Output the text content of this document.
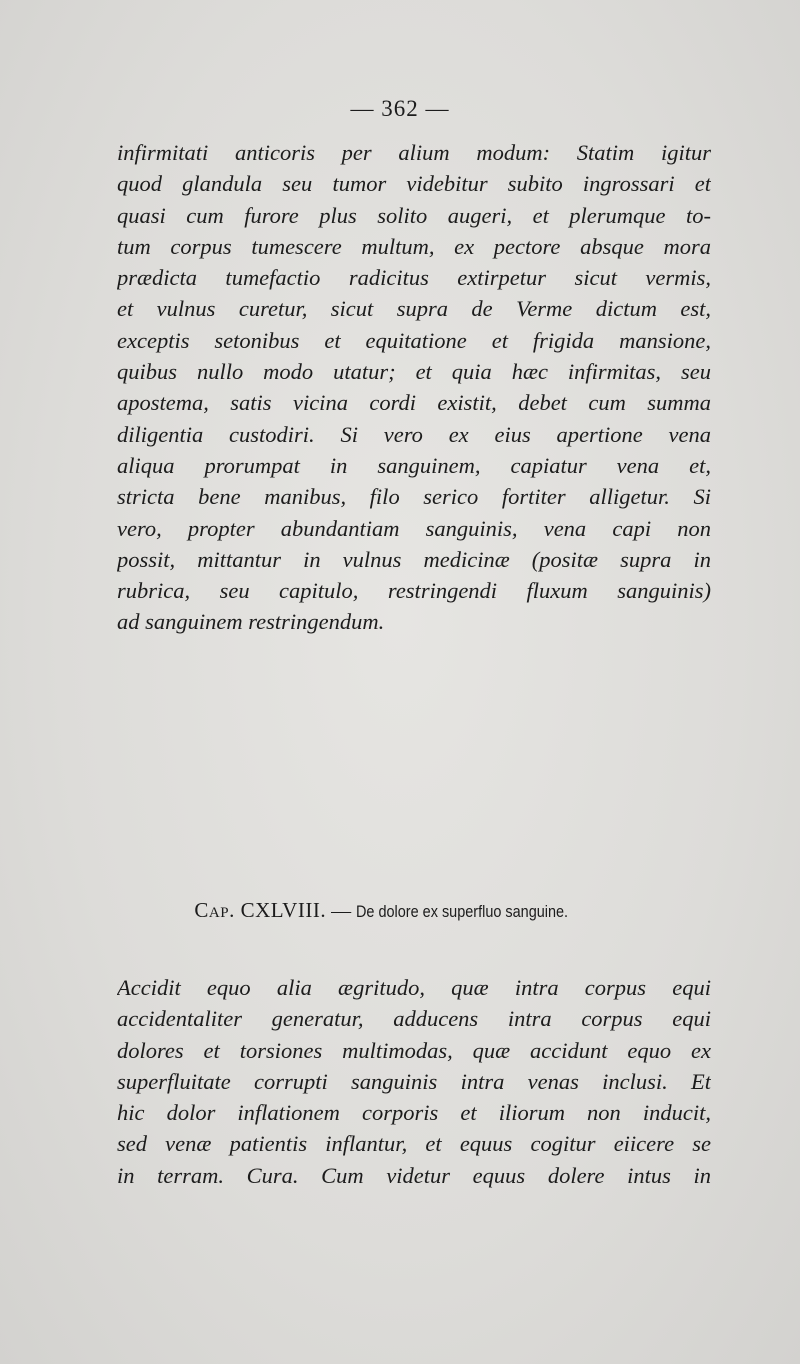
— 362 —
infirmitati anticoris per alium modum: Statim igitur
quod glandula seu tumor videbitur subito ingrossari et
quasi cum furore plus solito augeri, et plerumque to-
tum corpus tumescere multum, ex pectore absque mora
prædicta tumefactio radicitus extirpetur sicut vermis,
et vulnus curetur, sicut supra de Verme dictum est,
exceptis setonibus et equitatione et frigida mansione,
quibus nullo modo utatur; et quia hæc infirmitas, seu
apostema, satis vicina cordi existit, debet cum summa
diligentia custodiri. Si vero ex eius apertione vena
aliqua prorumpat in sanguinem, capiatur vena et,
stricta bene manibus, filo serico fortiter alligetur. Si
vero, propter abundantiam sanguinis, vena capi non
possit, mittantur in vulnus medicinæ (positæ supra in
rubrica, seu capitulo, restringendi fluxum sanguinis)
ad sanguinem restringendum.
Cap. CXLVIII. — De dolore ex superfluo sanguine.
Accidit equo alia ægritudo, quæ intra corpus equi
accidentaliter generatur, adducens intra corpus equi
dolores et torsiones multimodas, quæ accidunt equo ex
superfluitate corrupti sanguinis intra venas inclusi. Et
hic dolor inflationem corporis et iliorum non inducit,
sed venæ patientis inflantur, et equus cogitur eiicere se
in terram. Cura. Cum videtur equus dolere intus in
